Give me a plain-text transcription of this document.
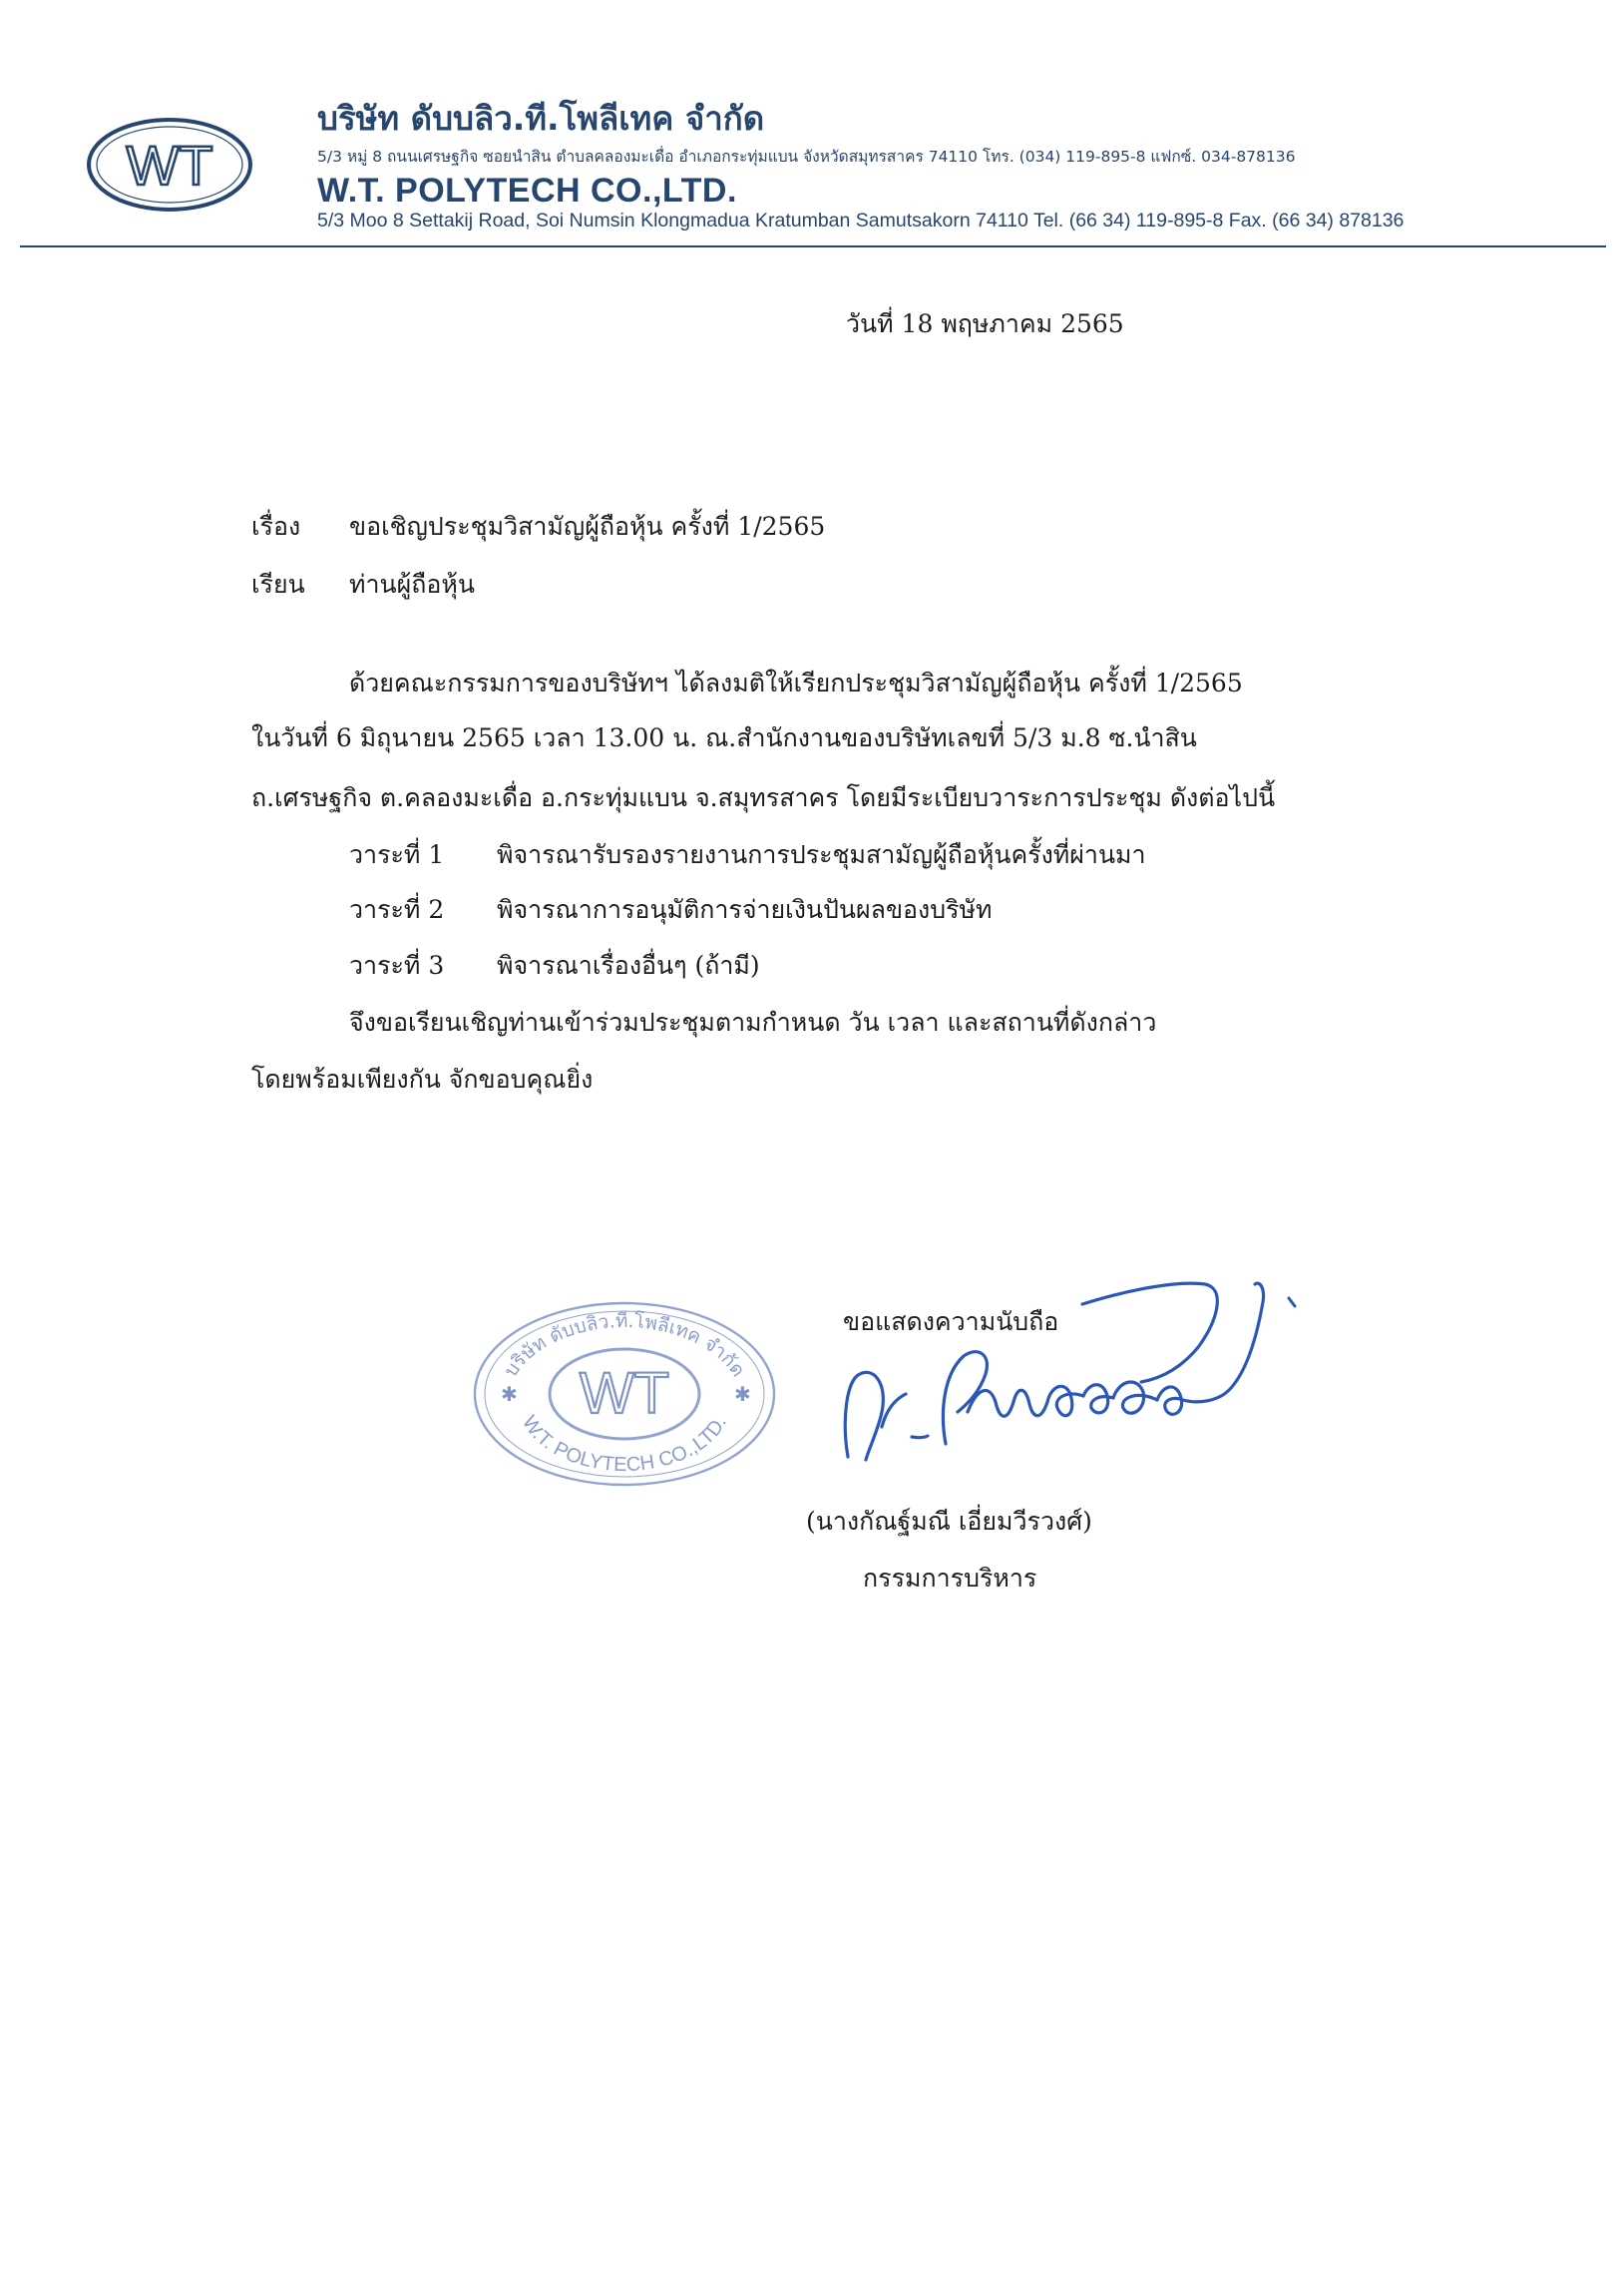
WT
บริษัท ดับบลิว.ที.โพลีเทค จำกัด
5/3 หมู่ 8 ถนนเศรษฐกิจ ซอยนำสิน ตำบลคลองมะเดื่อ อำเภอกระทุ่มแบน จังหวัดสมุทรสาคร 74110 โทร. (034) 119-895-8 แฟกซ์. 034-878136
W.T. POLYTECH CO.,LTD.
5/3 Moo 8 Settakij Road, Soi Numsin Klongmadua Kratumban Samutsakorn 74110 Tel. (66 34) 119-895-8 Fax. (66 34) 878136
วันที่ 18 พฤษภาคม 2565
เรื่อง ขอเชิญประชุมวิสามัญผู้ถือหุ้น ครั้งที่ 1/2565
เรียน ท่านผู้ถือหุ้น
ด้วยคณะกรรมการของบริษัทฯ ได้ลงมติให้เรียกประชุมวิสามัญผู้ถือหุ้น ครั้งที่ 1/2565
ในวันที่ 6 มิถุนายน 2565 เวลา 13.00 น. ณ.สำนักงานของบริษัทเลขที่ 5/3 ม.8 ซ.นำสิน
ถ.เศรษฐกิจ ต.คลองมะเดื่อ อ.กระทุ่มแบน จ.สมุทรสาคร โดยมีระเบียบวาระการประชุม ดังต่อไปนี้
วาระที่ 1 พิจารณารับรองรายงานการประชุมสามัญผู้ถือหุ้นครั้งที่ผ่านมา
วาระที่ 2 พิจารณาการอนุมัติการจ่ายเงินปันผลของบริษัท
วาระที่ 3 พิจารณาเรื่องอื่นๆ (ถ้ามี)
จึงขอเรียนเชิญท่านเข้าร่วมประชุมตามกำหนด วัน เวลา และสถานที่ดังกล่าว
โดยพร้อมเพียงกัน จักขอบคุณยิ่ง
บริษัท ดับบลิว.ที.โพลีเทค จำกัด
W.T. POLYTECH CO.,LTD.
WT
✱	✱
ขอแสดงความนับถือ
(นางกัณฐ์มณี เอี่ยมวีรวงศ์)
กรรมการบริหาร
